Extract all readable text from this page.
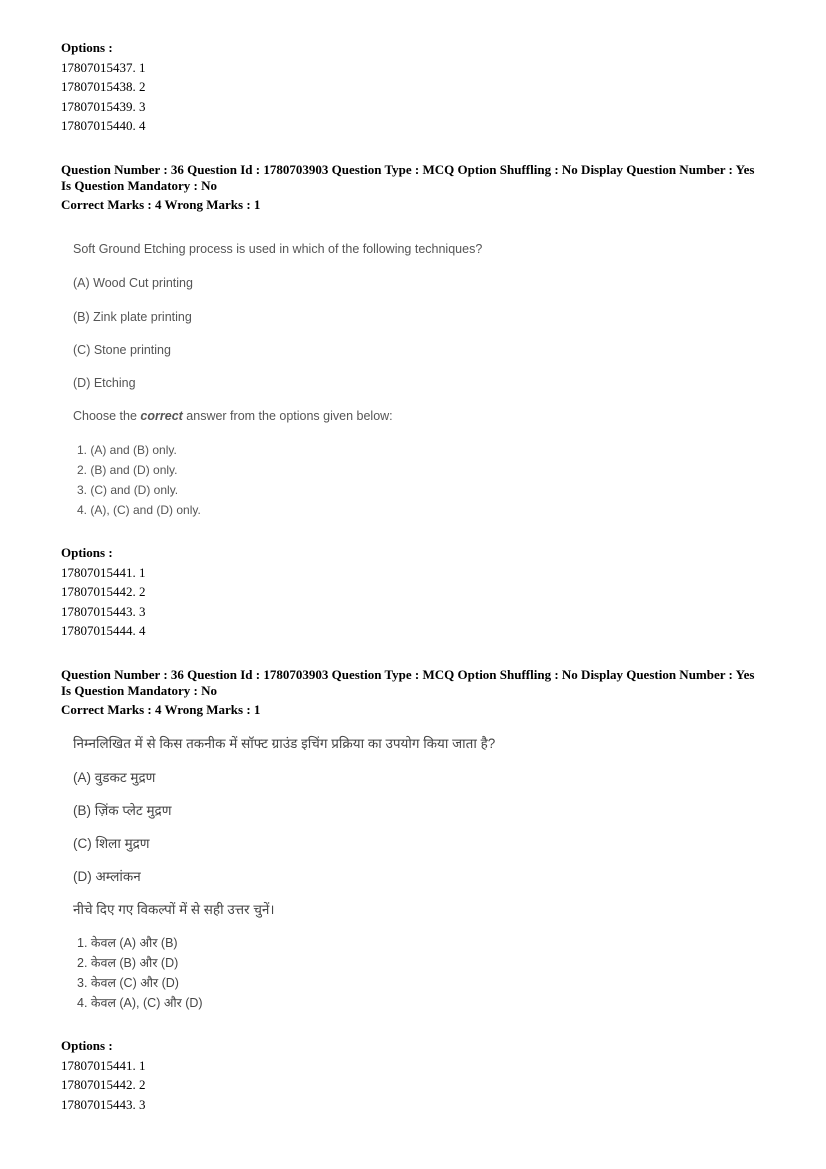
Options :
17807015437. 1
17807015438. 2
17807015439. 3
17807015440. 4
Question Number : 36 Question Id : 1780703903 Question Type : MCQ Option Shuffling : No Display Question Number : Yes
Is Question Mandatory : No
Correct Marks : 4 Wrong Marks : 1
Soft Ground Etching process is used in which of the following techniques?
(A) Wood Cut printing
(B) Zink plate printing
(C) Stone printing
(D) Etching
Choose the correct answer from the options given below:
1. (A) and (B) only.
2. (B) and (D) only.
3. (C) and (D) only.
4. (A), (C) and (D) only.
Options :
17807015441. 1
17807015442. 2
17807015443. 3
17807015444. 4
Question Number : 36 Question Id : 1780703903 Question Type : MCQ Option Shuffling : No Display Question Number : Yes
Is Question Mandatory : No
Correct Marks : 4 Wrong Marks : 1
निम्नलिखित में से किस तकनीक में सॉफ्ट ग्राउंड इचिंग प्रक्रिया का उपयोग किया जाता है?
(A) वुडकट मुद्रण
(B) ज़िंक प्लेट मुद्रण
(C) शिला मुद्रण
(D) अम्लांकन
नीचे दिए गए विकल्पों में से सही उत्तर चुनें।
1. केवल (A) और (B)
2. केवल (B) और (D)
3. केवल (C) और (D)
4. केवल (A), (C) और (D)
Options :
17807015441. 1
17807015442. 2
17807015443. 3
